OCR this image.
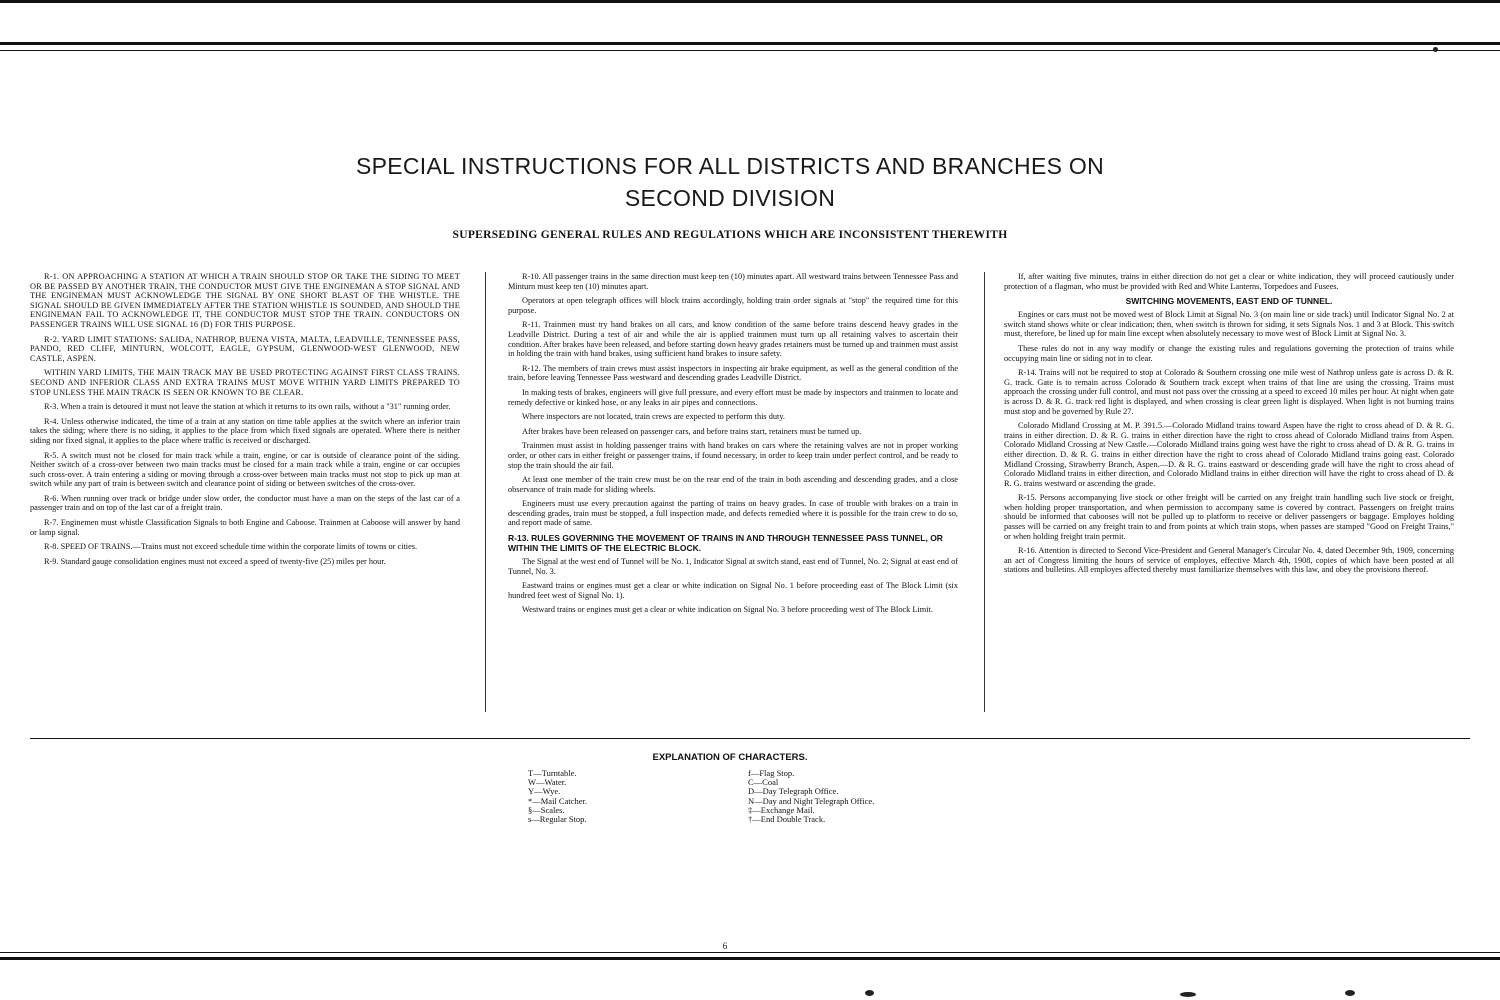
SPECIAL INSTRUCTIONS FOR ALL DISTRICTS AND BRANCHES ON
SECOND DIVISION
SUPERSEDING GENERAL RULES AND REGULATIONS WHICH ARE INCONSISTENT THEREWITH

R-1. ON APPROACHING A STATION AT WHICH A TRAIN SHOULD STOP OR TAKE THE SIDING TO MEET OR BE PASSED BY ANOTHER TRAIN, THE CONDUCTOR MUST GIVE THE ENGINEMAN A STOP SIGNAL AND THE ENGINEMAN MUST ACKNOWLEDGE THE SIGNAL BY ONE SHORT BLAST OF THE WHISTLE. THE SIGNAL SHOULD BE GIVEN IMMEDIATELY AFTER THE STATION WHISTLE IS SOUNDED, AND SHOULD THE ENGINEMAN FAIL TO ACKNOWLEDGE IT, THE CONDUCTOR MUST STOP THE TRAIN. CONDUCTORS ON PASSENGER TRAINS WILL USE SIGNAL 16 (D) FOR THIS PURPOSE.

R-2. YARD LIMIT STATIONS: SALIDA, NATHROP, BUENA VISTA, MALTA, LEADVILLE, TENNESSEE PASS, PANDO, RED CLIFF, MINTURN, WOLCOTT, EAGLE, GYPSUM, GLENWOOD-WEST GLENWOOD, NEW CASTLE, ASPEN.

WITHIN YARD LIMITS, THE MAIN TRACK MAY BE USED PROTECTING AGAINST FIRST CLASS TRAINS. SECOND AND INFERIOR CLASS AND EXTRA TRAINS MUST MOVE WITHIN YARD LIMITS PREPARED TO STOP UNLESS THE MAIN TRACK IS SEEN OR KNOWN TO BE CLEAR.

R-3. When a train is detoured it must not leave the station at which it returns to its own rails, without a "31" running order.

R-4. Unless otherwise indicated, the time of a train at any station on time table applies at the switch where an inferior train takes the siding; where there is no siding, it applies to the place from which fixed signals are operated. Where there is neither siding nor fixed signal, it applies to the place where traffic is received or discharged.

R-5. A switch must not be closed for main track while a train, engine, or car is outside of clearance point of the siding. Neither switch of a cross-over between two main tracks must be closed for a main track while a train, engine or car occupies such cross-over. A train entering a siding or moving through a cross-over between main tracks must not stop to pick up man at switch while any part of train is between switch and clearance point of siding or between switches of the cross-over.

R-6. When running over track or bridge under slow order, the conductor must have a man on the steps of the last car of a passenger train and on top of the last car of a freight train.

R-7. Enginemen must whistle Classification Signals to both Engine and Caboose. Trainmen at Caboose will answer by hand or lamp signal.

R-8. SPEED OF TRAINS.—Trains must not exceed schedule time within the corporate limits of towns or cities.

R-9. Standard gauge consolidation engines must not exceed a speed of twenty-five (25) miles per hour.

R-10. All passenger trains in the same direction must keep ten (10) minutes apart. All westward trains between Tennessee Pass and Minturn must keep ten (10) minutes apart.

Operators at open telegraph offices will block trains accordingly, holding train order signals at "stop" the required time for this purpose.

R-11. Trainmen must try hand brakes on all cars, and know condition of the same before trains descend heavy grades in the Leadville District. During a test of air and while the air is applied trainmen must turn up all retaining valves to ascertain their condition. After brakes have been released, and before starting down heavy grades retainers must be turned up and trainmen must assist in holding the train with hand brakes, using sufficient hand brakes to insure safety.

R-12. The members of train crews must assist inspectors in inspecting air brake equipment, as well as the general condition of the train, before leaving Tennessee Pass westward and descending grades Leadville District.

In making tests of brakes, engineers will give full pressure, and every effort must be made by inspectors and trainmen to locate and remedy defective or kinked hose, or any leaks in air pipes and connections.

Where inspectors are not located, train crews are expected to perform this duty.

After brakes have been released on passenger cars, and before trains start, retainers must be turned up.

Trainmen must assist in holding passenger trains with hand brakes on cars where the retaining valves are not in proper working order, or other cars in either freight or passenger trains, if found necessary, in order to keep train under perfect control, and be ready to stop the train should the air fail.

At least one member of the train crew must be on the rear end of the train in both ascending and descending grades, and a close observance of train made for sliding wheels.

Engineers must use every precaution against the parting of trains on heavy grades. In case of trouble with brakes on a train in descending grades, train must be stopped, a full inspection made, and defects remedied where it is possible for the train crew to do so, and report made of same.

R-13. RULES GOVERNING THE MOVEMENT OF TRAINS IN AND THROUGH TENNESSEE PASS TUNNEL, OR WITHIN THE LIMITS OF THE ELECTRIC BLOCK.

The Signal at the west end of Tunnel will be No. 1, Indicator Signal at switch stand, east end of Tunnel, No. 2; Signal at east end of Tunnel, No. 3.

Eastward trains or engines must get a clear or white indication on Signal No. 1 before proceeding east of The Block Limit (six hundred feet west of Signal No. 1).

Westward trains or engines must get a clear or white indication on Signal No. 3 before proceeding west of The Block Limit.

If, after waiting five minutes, trains in either direction do not get a clear or white indication, they will proceed cautiously under protection of a flagman, who must be provided with Red and White Lanterns, Torpedoes and Fusees.

SWITCHING MOVEMENTS, EAST END OF TUNNEL.

Engines or cars must not be moved west of Block Limit at Signal No. 3 (on main line or side track) until Indicator Signal No. 2 at switch stand shows white or clear indication; then, when switch is thrown for siding, it sets Signals Nos. 1 and 3 at Block. This switch must, therefore, be lined up for main line except when absolutely necessary to move west of Block Limit at Signal No. 3.

These rules do not in any way modify or change the existing rules and regulations governing the protection of trains while occupying main line or siding not in to clear.

R-14. Trains will not be required to stop at Colorado & Southern crossing one mile west of Nathrop unless gate is across D. & R. G. track. Gate is to remain across Colorado & Southern track except when trains of that line are using the crossing. Trains must approach the crossing under full control, and must not pass over the crossing at a speed to exceed 10 miles per hour. At night when gate is across D. & R. G. track red light is displayed, and when crossing is clear green light is displayed. When light is not burning trains must stop and be governed by Rule 27.

Colorado Midland Crossing at M. P. 391.5.—Colorado Midland trains toward Aspen have the right to cross ahead of D. & R. G. trains in either direction. D. & R. G. trains in either direction have the right to cross ahead of Colorado Midland trains from Aspen. Colorado Midland Crossing at New Castle.—Colorado Midland trains going west have the right to cross ahead of D. & R. G. trains in either direction. D. & R. G. trains in either direction have the right to cross ahead of Colorado Midland trains going east. Colorado Midland Crossing, Strawberry Branch, Aspen.—D. & R. G. trains eastward or descending grade will have the right to cross ahead of Colorado Midland trains in either direction, and Colorado Midland trains in either direction will have the right to cross ahead of D. & R. G. trains westward or ascending the grade.

R-15. Persons accompanying live stock or other freight will be carried on any freight train handling such live stock or freight, when holding proper transportation, and when permission to accompany same is covered by contract. Passengers on freight trains should be informed that cabooses will not be pulled up to platform to receive or deliver passengers or baggage. Employes holding passes will be carried on any freight train to and from points at which train stops, when passes are stamped "Good on Freight Trains," or when holding freight train permit.

R-16. Attention is directed to Second Vice-President and General Manager's Circular No. 4, dated December 9th, 1909, concerning an act of Congress limiting the hours of service of employes, effective March 4th, 1908, copies of which have been posted at all stations and bulletins. All employes affected thereby must familiarize themselves with this law, and obey the provisions thereof.

EXPLANATION OF CHARACTERS.
T—Turntable.
W—Water.
Y—Wye.
*—Mail Catcher.
§—Scales.
s—Regular Stop.
f—Flag Stop.
C—Coal
D—Day Telegraph Office.
N—Day and Night Telegraph Office.
‡—Exchange Mail.
†—End Double Track.
6
